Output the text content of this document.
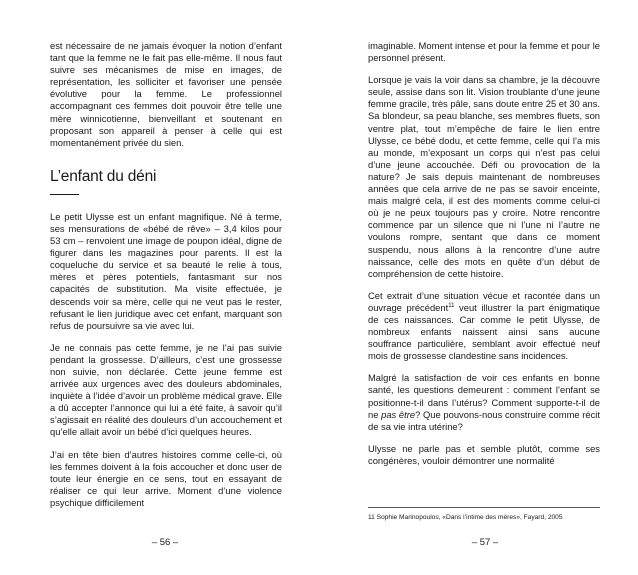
est nécessaire de ne jamais évoquer la notion d’enfant tant que la femme ne le fait pas elle-même. Il nous faut suivre ses mécanismes de mise en images, de représentation, les solliciter et favoriser une pensée évolutive pour la femme. Le professionnel accompagnant ces femmes doit pouvoir être telle une mère winnicotienne, bienveillant et soutenant en proposant son appareil à penser à celle qui est momentanément privée du sien.

L’enfant du déni

Le petit Ulysse est un enfant magnifique. Né à terme, ses mensurations de «bébé de rêve» – 3,4 kilos pour 53 cm – renvoient une image de poupon idéal, digne de figurer dans les magazines pour parents. Il est la coqueluche du service et sa beauté le relie à tous, mères et pères potentiels, fantasmant sur nos capacités de substitution. Ma visite effectuée, je descends voir sa mère, celle qui ne veut pas le rester, refusant le lien juridique avec cet enfant, marquant son refus de poursuivre sa vie avec lui.

Je ne connais pas cette femme, je ne l’ai pas suivie pendant la grossesse. D’ailleurs, c’est une grossesse non suivie, non déclarée. Cette jeune femme est arrivée aux urgences avec des douleurs abdominales, inquiète à l’idée d’avoir un problème médical grave. Elle a dû accepter l’annonce qui lui a été faite, à savoir qu’il s’agissait en réalité des douleurs d’un accouchement et qu’elle allait avoir un bébé d’ici quelques heures.

J’ai en tête bien d’autres histoires comme celle-ci, où les femmes doivent à la fois accoucher et donc user de toute leur énergie en ce sens, tout en essayant de réaliser ce qui leur arrive. Moment d’une violence psychique difficilement

– 56 –

imaginable. Moment intense et pour la femme et pour le personnel présent.

Lorsque je vais la voir dans sa chambre, je la découvre seule, assise dans son lit. Vision troublante d’une jeune femme gracile, très pâle, sans doute entre 25 et 30 ans. Sa blondeur, sa peau blanche, ses membres fluets, son ventre plat, tout m’empêche de faire le lien entre Ulysse, ce bébé dodu, et cette femme, celle qui l’a mis au monde, m’exposant un corps qui n’est pas celui d’une jeune accouchée. Défi ou provocation de la nature? Je sais depuis maintenant de nombreuses années que cela arrive de ne pas se savoir enceinte, mais malgré cela, il est des moments comme celui-ci où je ne peux toujours pas y croire. Notre rencontre commence par un silence que ni l’une ni l’autre ne voulons rompre, sentant que dans ce moment suspendu, nous allons à la rencontre d’une autre naissance, celle des mots en quête d’un début de compréhension de cette histoire.

Cet extrait d’une situation vécue et racontée dans un ouvrage précédent$^{11}$ veut illustrer la part énigmatique de ces naissances. Car comme le petit Ulysse, de nombreux enfants naissent ainsi sans aucune souffrance particulière, semblant avoir effectué neuf mois de grossesse clandestine sans incidences.

Malgré la satisfaction de voir ces enfants en bonne santé, les questions demeurent : comment l’enfant se positionne-t-il dans l’utérus? Comment supporte-t-il de ne pas être? Que pouvons-nous construire comme récit de sa vie intra utérine?

Ulysse ne parle pas et semble plutôt, comme ses congénères, vouloir démontrer une normalité

11 Sophie Marinopoulos, «Dans l’intime des mères», Fayard, 2005
– 57 –
